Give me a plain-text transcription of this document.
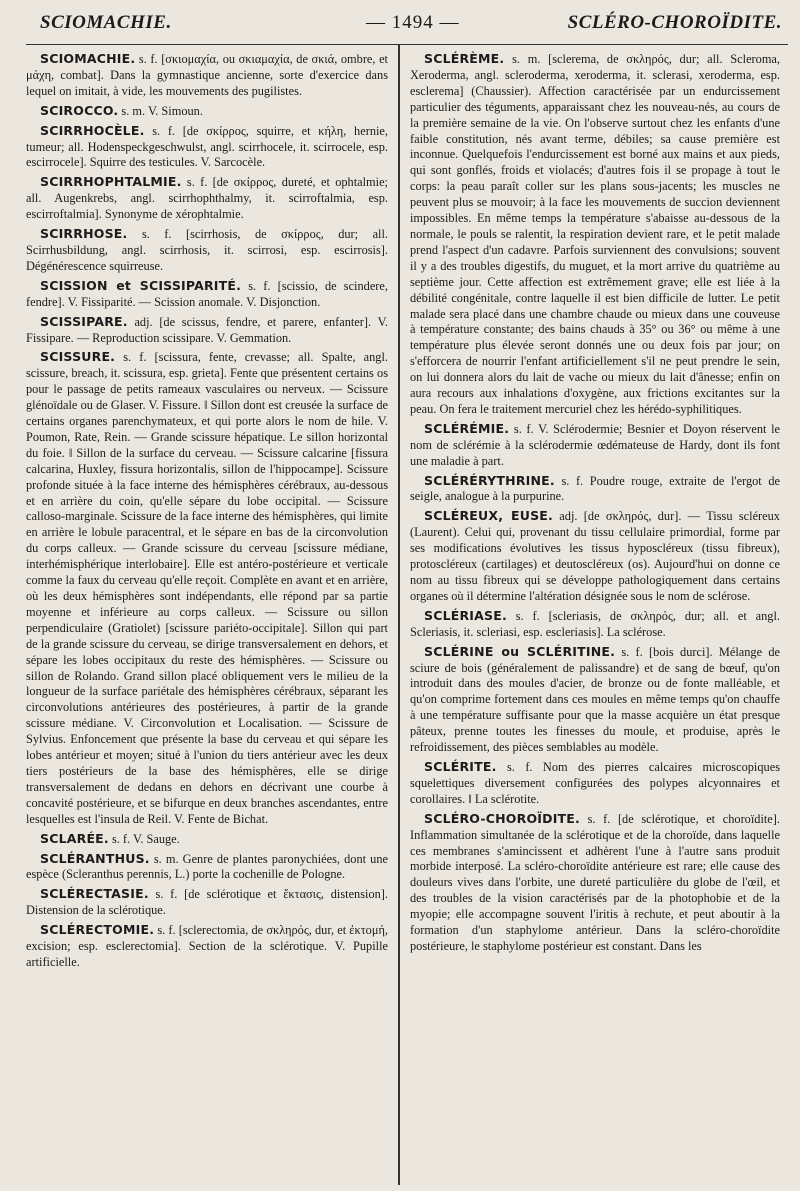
SCIOMACHIE.	— 1494 —	SCLÉRO-CHOROÏDITE.

SCIOMACHIE. s. f. [σκιομαχία, ou σκιαμαχία, de σκιά, ombre, et μάχη, combat]. Dans la gymnastique ancienne, sorte d'exercice dans lequel on imitait, à vide, les mouvements des pugilistes.

SCIROCCO. s. m. V. Simoun.

SCIRRHOCÈLE. s. f. [de σκίρρος, squirre, et κήλη, hernie, tumeur; all. Hodenspeckgeschwulst, angl. scirrhocele, it. scirrocele, esp. escirrocele]. Squirre des testicules. V. Sarcocèle.

SCIRRHOPHTALMIE. s. f. [de σκίρρος, dureté, et ophtalmie; all. Augenkrebs, angl. scirrhophthalmy, it. scirroftalmia, esp. escirroftalmia]. Synonyme de xérophtalmie.

SCIRRHOSE. s. f. [scirrhosis, de σκίρρος, dur; all. Scirrhusbildung, angl. scirrhosis, it. scirrosi, esp. escirrosis]. Dégénérescence squirreuse.

SCISSION et SCISSIPARITÉ. s. f. [scissio, de scindere, fendre]. V. Fissiparité. — Scission anomale. V. Disjonction.

SCISSIPARE. adj. [de scissus, fendre, et parere, enfanter]. V. Fissipare. — Reproduction scissipare. V. Gemmation.

SCISSURE. s. f. [scissura, fente, crevasse; all. Spalte, angl. scissure, breach, it. scissura, esp. grieta]. Fente que présentent certains os pour le passage de petits rameaux vasculaires ou nerveux. — Scissure glénoïdale ou de Glaser. V. Fissure. ‖ Sillon dont est creusée la surface de certains organes parenchymateux, et qui porte alors le nom de hile. V. Poumon, Rate, Rein. — Grande scissure hépatique. Le sillon horizontal du foie. ‖ Sillon de la surface du cerveau. — Scissure calcarine [fissura calcarina, Huxley, fissura horizontalis, sillon de l'hippocampe]. Scissure profonde située à la face interne des hémisphères cérébraux, au-dessous et en arrière du coin, qu'elle sépare du lobe occipital. — Scissure calloso-marginale. Scissure de la face interne des hémisphères, qui limite en arrière le lobule paracentral, et le sépare en bas de la circonvolution du corps calleux. — Grande scissure du cerveau [scissure médiane, interhémisphérique interlobaire]. Elle est antéro-postérieure et verticale comme la faux du cerveau qu'elle reçoit. Complète en avant et en arrière, où les deux hémisphères sont indépendants, elle répond par sa partie moyenne et inférieure au corps calleux. — Scissure ou sillon perpendiculaire (Gratiolet) [scissure pariéto-occipitale]. Sillon qui part de la grande scissure du cerveau, se dirige transversalement en dehors, et sépare les lobes occipitaux du reste des hémisphères. — Scissure ou sillon de Rolando. Grand sillon placé obliquement vers le milieu de la longueur de la surface pariétale des hémisphères cérébraux, séparant les circonvolutions antérieures des postérieures, à partir de la grande scissure médiane. V. Circonvolution et Localisation. — Scissure de Sylvius. Enfoncement que présente la base du cerveau et qui sépare les lobes antérieur et moyen; situé à l'union du tiers antérieur avec les deux tiers postérieurs de la base des hémisphères, elle se dirige transversalement de dedans en dehors en décrivant une courbe à concavité postérieure, et se bifurque en deux branches ascendantes, entre lesquelles est l'insula de Reil. V. Fente de Bichat.

SCLARÉE. s. f. V. Sauge.

SCLÉRANTHUS. s. m. Genre de plantes paronychiées, dont une espèce (Scleranthus perennis, L.) porte la cochenille de Pologne.

SCLÉRECTASIE. s. f. [de sclérotique et ἔκτασις, distension]. Distension de la sclérotique.

SCLÉRECTOMIE. s. f. [sclerectomia, de σκληρός, dur, et ἐκτομή, excision; esp. esclerectomia]. Section de la sclérotique. V. Pupille artificielle.

SCLÉRÈME. s. m. [sclerema, de σκληρός, dur; all. Scleroma, Xeroderma, angl. scleroderma, xeroderma, it. sclerasi, xeroderma, esp. esclerema] (Chaussier). Affection caractérisée par un endurcissement particulier des téguments, apparaissant chez les nouveau-nés, au cours de la première semaine de la vie. On l'observe surtout chez les enfants d'une faible constitution, nés avant terme, débiles; sa cause première est inconnue. Quelquefois l'endurcissement est borné aux mains et aux pieds, qui sont gonflés, froids et violacés; d'autres fois il se propage à tout le corps: la peau paraît coller sur les plans sous-jacents; les muscles ne peuvent plus se mouvoir; à la face les mouvements de succion deviennent impossibles. En même temps la température s'abaisse au-dessous de la normale, le pouls se ralentit, la respiration devient rare, et le petit malade prend l'aspect d'un cadavre. Parfois surviennent des convulsions; souvent il y a des troubles digestifs, du muguet, et la mort arrive du quatrième au septième jour. Cette affection est extrêmement grave; elle est liée à la débilité congénitale, contre laquelle il est bien difficile de lutter. Le petit malade sera placé dans une chambre chaude ou mieux dans une couveuse à température constante; des bains chauds à 35° ou 36° ou même à une température plus élevée seront donnés une ou deux fois par jour; on s'efforcera de nourrir l'enfant artificiellement s'il ne peut prendre le sein, on lui donnera alors du lait de vache ou mieux du lait d'ânesse; enfin on aura recours aux inhalations d'oxygène, aux frictions excitantes sur la peau. On fera le traitement mercuriel chez les hérédo-syphilitiques.

SCLÉRÉMIE. s. f. V. Sclérodermie; Besnier et Doyon réservent le nom de sclérémie à la sclérodermie œdémateuse de Hardy, dont ils font une maladie à part.

SCLÉRÉRYTHRINE. s. f. Poudre rouge, extraite de l'ergot de seigle, analogue à la purpurine.

SCLÉREUX, EUSE. adj. [de σκληρός, dur]. — Tissu scléreux (Laurent). Celui qui, provenant du tissu cellulaire primordial, forme par ses modifications évolutives les tissus hyposcléreux (tissu fibreux), protoscléreux (cartilages) et deutoscléreux (os). Aujourd'hui on donne ce nom au tissu fibreux qui se développe pathologiquement dans certains organes où il détermine l'altération désignée sous le nom de sclérose.

SCLÉRIASE. s. f. [scleriasis, de σκληρός, dur; all. et angl. Scleriasis, it. scleriasi, esp. escleriasis]. La sclérose.

SCLÉRINE ou SCLÉRITINE. s. f. [bois durci]. Mélange de sciure de bois (généralement de palissandre) et de sang de bœuf, qu'on introduit dans des moules d'acier, de bronze ou de fonte malléable, et qu'on comprime fortement dans ces moules en même temps qu'on chauffe à une température suffisante pour que la masse acquière un état presque pâteux, prenne toutes les finesses du moule, et produise, après le refroidissement, des pièces semblables au modèle.

SCLÉRITE. s. f. Nom des pierres calcaires microscopiques squelettiques diversement configurées des polypes alcyonnaires et corollaires. ‖ La sclérotite.

SCLÉRO-CHOROÏDITE. s. f. [de sclérotique, et choroïdite]. Inflammation simultanée de la sclérotique et de la choroïde, dans laquelle ces membranes s'amincissent et adhèrent l'une à l'autre sans produit morbide interposé. La scléro-choroïdite antérieure est rare; elle cause des douleurs vives dans l'orbite, une dureté particulière du globe de l'œil, et des troubles de la vision caractérisés par de la photophobie et de la myopie; elle accompagne souvent l'iritis à rechute, et peut aboutir à la formation d'un staphylome antérieur. Dans la scléro-choroïdite postérieure, le staphylome postérieur est constant. Dans les
